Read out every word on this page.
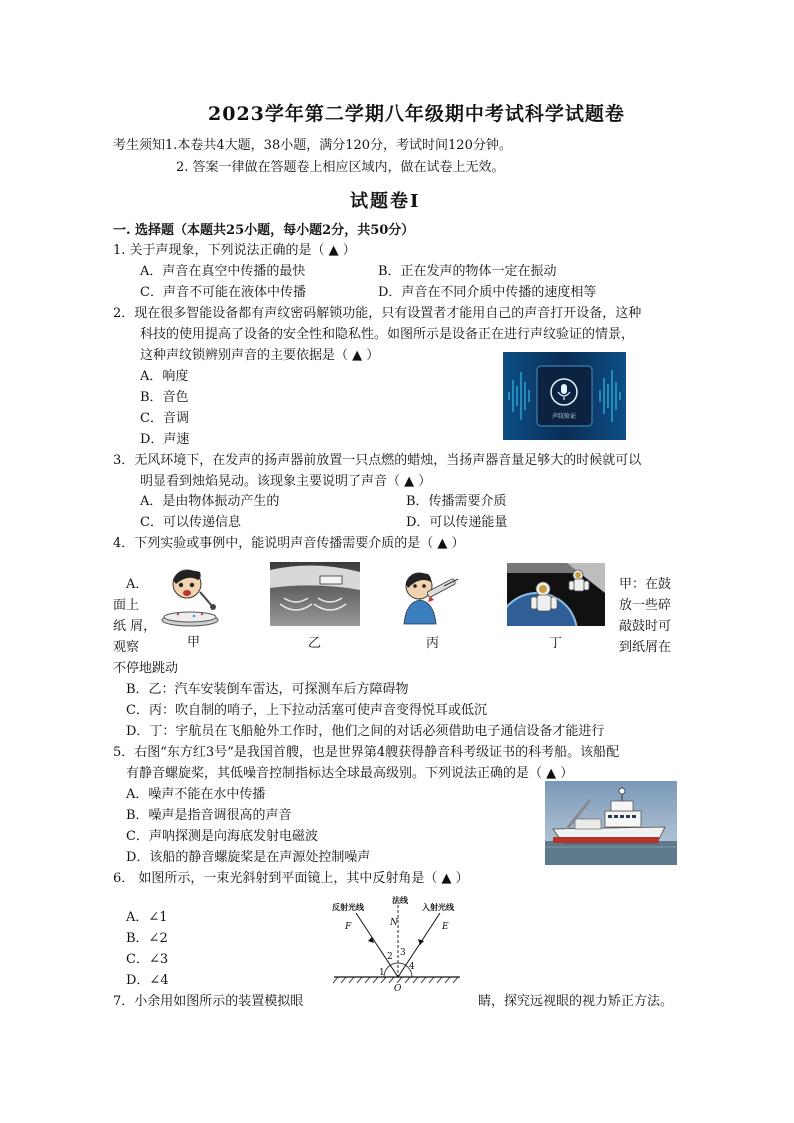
2023学年第二学期八年级期中考试科学试题卷
考生须知1.本卷共4大题，38小题，满分120分，考试时间120分钟。
2. 答案一律做在答题卷上相应区域内，做在试卷上无效。
试题卷Ⅰ
一. 选择题（本题共25小题，每小题2分，共50分）
1. 关于声现象，下列说法正确的是（ ▲ ）
A．声音在真空中传播的最快	B．正在发声的物体一定在振动
C．声音不可能在液体中传播	D．声音在不同介质中传播的速度相等
2．现在很多智能设备都有声纹密码解锁功能，只有设置者才能用自己的声音打开设备，这种
科技的使用提高了设备的安全性和隐私性。如图所示是设备正在进行声纹验证的情景，
这种声纹锁辨别声音的主要依据是（ ▲ ）
A．响度
B．音色
C．音调
D．声速
声纹验证
3．无风环境下，在发声的扬声器前放置一只点燃的蜡烛，当扬声器音量足够大的时候就可以
明显看到烛焰晃动。该现象主要说明了声音（ ▲ ）
A．是由物体振动产生的	B．传播需要介质
C．可以传递信息	D．可以传递能量
4．下列实验或事例中，能说明声音传播需要介质的是（ ▲ ）
A．
面上
纸 屑，
观察
甲：在鼓
放一些碎
敲鼓时可
到纸屑在
不停地跳动
甲	乙	丙	丁
B．乙：汽车安装倒车雷达，可探测车后方障碍物
C．丙：吹自制的哨子，上下拉动活塞可使声音变得悦耳或低沉
D．丁：宇航员在飞船舱外工作时，他们之间的对话必须借助电子通信设备才能进行
5．右图“东方红3号”是我国首艘，也是世界第4艘获得静音科考级证书的科考船。该船配
有静音螺旋桨，其低噪音控制指标达全球最高级别。下列说法正确的是（ ▲ ）
A．噪声不能在水中传播
B．噪声是指音调很高的声音
C．声呐探测是向海底发射电磁波
D．该船的静音螺旋桨是在声源处控制噪声
6． 如图所示，一束光斜射到平面镜上，其中反射角是（ ▲ ）
A．∠1
B．∠2
C．∠3
D．∠4
反射光线
法线
入射光线
F	N	E
O
1
2 3
4
7．小余用如图所示的装置模拟眼	睛，探究远视眼的视力矫正方法。
